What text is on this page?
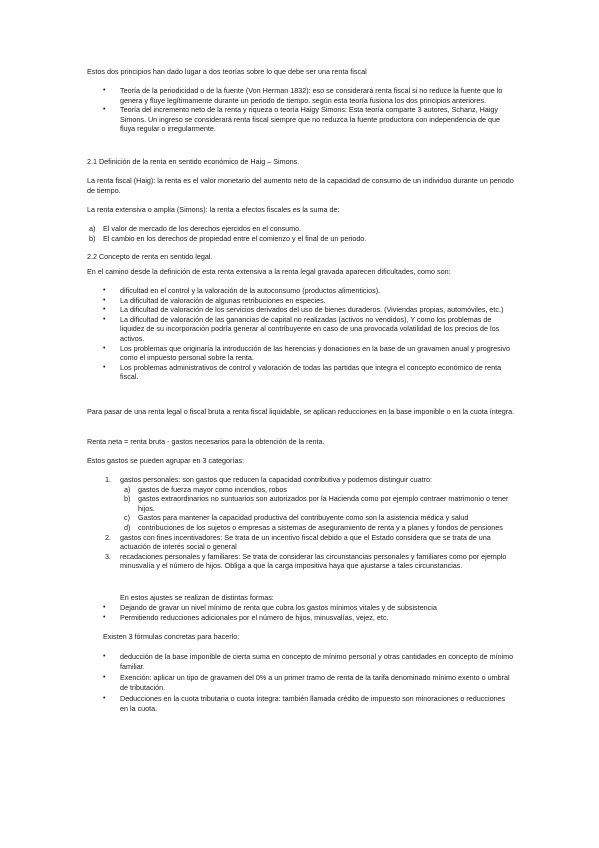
Estos dos principios han dado lugar a dos teorías sobre lo que debe ser una renta fiscal

• Teoría de la periodicidad o de la fuente (Von Herman 1832): eso se considerará renta fiscal si no reduce la fuente que lo genera y fluye legítimamente durante un periodo de tiempo. según esta teoría fusiona los dos principios anteriores.
• Teoría del incremento neto de la renta y riqueza o teoría Haigy Simons: Esta teoría comparte 3 autores, Schanz, Haigy Simons. Un ingreso se considerará renta fiscal siempre que no reduzca la fuente productora con independencia de que fluya regular o irregularmente.

2.1 Definición de la renta en sentido económico de Haig – Simons.

La renta fiscal (Haig): la renta es el valor monetario del aumento neto de la capacidad de consumo de un individuo durante un periodo de tiempo.

La renta extensiva o amplia (Simons): la renta a efectos fiscales es la suma de:

a) El valor de mercado de los derechos ejercidos en el consumo.
b) El cambio en los derechos de propiedad entre el comienzo y el final de un periodo.

2.2 Concepto de renta en sentido legal.

En el camino desde la definición de esta renta extensiva a la renta legal gravada aparecen dificultades, como son:

• dificultad en el control y la valoración de la autoconsumo (productos alimenticios).
• La dificultad de valoración de algunas retribuciones en especies.
• La dificultad de valoración de los servicios derivados del uso de bienes duraderos. (Viviendas propias, automóviles, etc.)
• La dificultad de valoración de las ganancias de capital no realizadas (activos no vendidos), Y como los problemas de liquidez de su incorporación podría generar al contribuyente en caso de una provocada volatilidad de los precios de los activos.
• Los problemas que originaría la introducción de las herencias y donaciones en la base de un gravamen anual y progresivo como el impuesto personal sobre la renta.
• Los problemas administrativos de control y valoración de todas las partidas que integra el concepto económico de renta fiscal.

Para pasar de una renta legal o fiscal bruta a renta fiscal liquidable, se aplican reducciones en la base imponible o en la cuota íntegra.

Renta neta = renta bruta - gastos necesarios para la obtención de la renta.

Estos gastos se pueden agrupar en 3 categorías:

1. gastos personales: son gastos que reducen la capacidad contributiva y podemos distinguir cuatro:
a) gastos de fuerza mayor como incendios, robos
b) gastos extraordinarios no suntuarios son autorizados por la Hacienda como por ejemplo contraer matrimonio o tener hijos.
c) Gastos para mantener la capacidad productiva del contribuyente como son la asistencia médica y salud
d) contribuciones de los sujetos o empresas a sistemas de aseguramiento de renta y a planes y fondos de pensiones
2. gastos con fines incentivadores: Se trata de un incentivo fiscal debido a que el Estado considera que se trata de una actuación de interés social o general
3. recadaciones personales y familiares: Se trata de considerar las circunstancias personales y familiares como por ejemplo minusvalía y el número de hijos. Obliga a que la carga impositiva haya que ajustarse a tales circunstancias.

En estos ajustes se realizan de distintas formas:

• Dejando de gravar un nivel mínimo de renta que cubra los gastos mínimos vitales y de subsistencia
• Permitiendo reducciones adicionales por el número de hijos, minusvalías, vejez, etc.

Existen 3 fórmulas concretas para hacerlo:

• deducción de la base imponible de cierta suma en concepto de mínimo personal y otras cantidades en concepto de mínimo familiar.
• Exención: aplicar un tipo de gravamen del 0% a un primer tramo de renta de la tarifa denominado mínimo exento o umbral de tributación.
• Deducciones en la cuota tributaria o cuota íntegra: también llamada crédito de impuesto son minoraciones o reducciones en la cuota.
